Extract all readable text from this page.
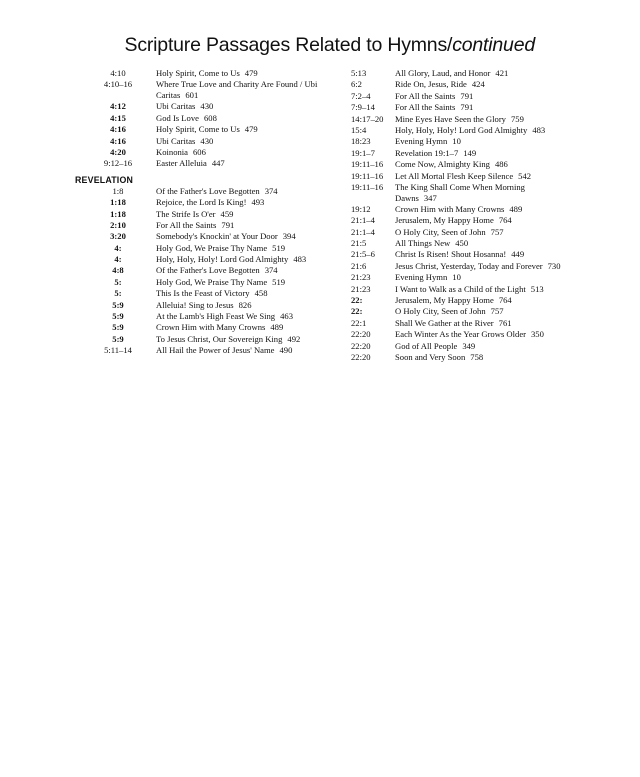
Scripture Passages Related to Hymns/continued
4:10	Holy Spirit, Come to Us 479
4:10–16	Where True Love and Charity Are Found / Ubi Caritas 601
4:12	Ubi Caritas 430
4:15	God Is Love 608
4:16	Holy Spirit, Come to Us 479
4:16	Ubi Caritas 430
4:20	Koinonia 606
9:12–16	Easter Alleluia 447
REVELATION
1:8	Of the Father's Love Begotten 374
1:18	Rejoice, the Lord Is King! 493
1:18	The Strife Is O'er 459
2:10	For All the Saints 791
3:20	Somebody's Knockin' at Your Door 394
4:	Holy God, We Praise Thy Name 519
4:	Holy, Holy, Holy! Lord God Almighty 483
4:8	Of the Father's Love Begotten 374
5:	Holy God, We Praise Thy Name 519
5:	This Is the Feast of Victory 458
5:9	Alleluia! Sing to Jesus 826
5:9	At the Lamb's High Feast We Sing 463
5:9	Crown Him with Many Crowns 489
5:9	To Jesus Christ, Our Sovereign King 492
5:11–14	All Hail the Power of Jesus' Name 490
5:13	All Glory, Laud, and Honor 421
6:2	Ride On, Jesus, Ride 424
7:2–4	For All the Saints 791
7:9–14	For All the Saints 791
14:17–20	Mine Eyes Have Seen the Glory 759
15:4	Holy, Holy, Holy! Lord God Almighty 483
18:23	Evening Hymn 10
19:1–7	Revelation 19:1–7 149
19:11–16	Come Now, Almighty King 486
19:11–16	Let All Mortal Flesh Keep Silence 542
19:11–16	The King Shall Come When Morning Dawns 347
19:12	Crown Him with Many Crowns 489
21:1–4	Jerusalem, My Happy Home 764
21:1–4	O Holy City, Seen of John 757
21:5	All Things New 450
21:5–6	Christ Is Risen! Shout Hosanna! 449
21:6	Jesus Christ, Yesterday, Today and Forever 730
21:23	Evening Hymn 10
21:23	I Want to Walk as a Child of the Light 513
22:	Jerusalem, My Happy Home 764
22:	O Holy City, Seen of John 757
22:1	Shall We Gather at the River 761
22:20	Each Winter As the Year Grows Older 350
22:20	God of All People 349
22:20	Soon and Very Soon 758
